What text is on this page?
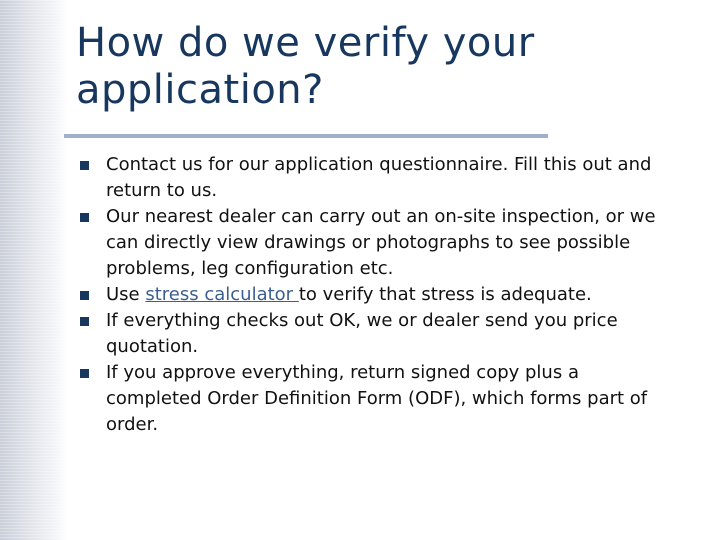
How do we verify your application?
Contact us for our application questionnaire. Fill this out and return to us.
Our nearest dealer can carry out an on-site inspection, or we can directly view drawings or photographs to see possible problems, leg configuration etc.
Use stress calculator to verify that stress is adequate.
If everything checks out OK, we or dealer send you price quotation.
If you approve everything, return signed copy plus a completed Order Definition Form (ODF), which forms part of order.
